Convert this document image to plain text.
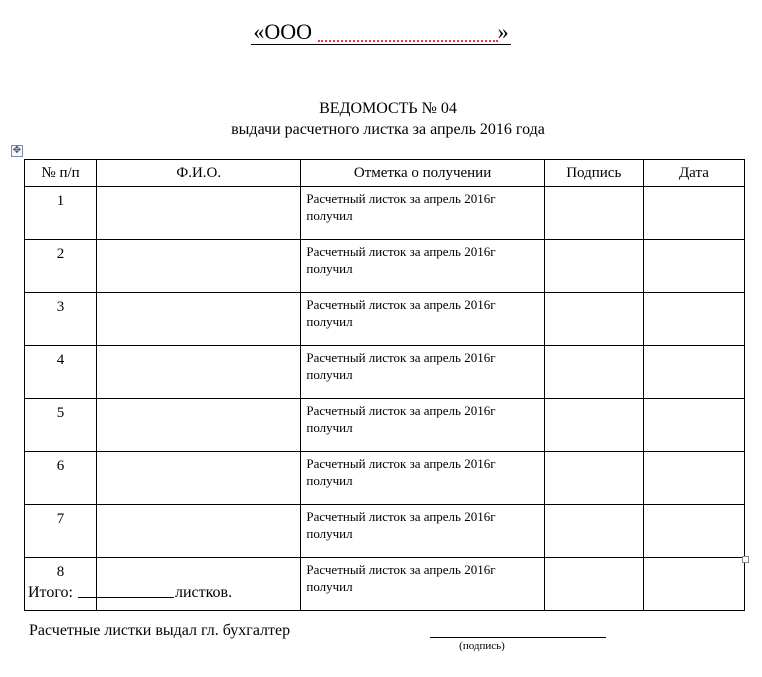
«ООО	»
ВЕДОМОСТЬ № 04
выдачи расчетного листка за апрель 2016 года
✥
№ п/п	Ф.И.О.	Отметка о получении	Подпись	Дата
1		Расчетный листок за апрель 2016г получил		
2		Расчетный листок за апрель 2016г получил		
3		Расчетный листок за апрель 2016г получил		
4		Расчетный листок за апрель 2016г получил		
5		Расчетный листок за апрель 2016г получил		
6		Расчетный листок за апрель 2016г получил		
7		Расчетный листок за апрель 2016г получил		
8		Расчетный листок за апрель 2016г получил		
Итого:	листков.
Расчетные листки выдал гл. бухгалтер
(подпись)
